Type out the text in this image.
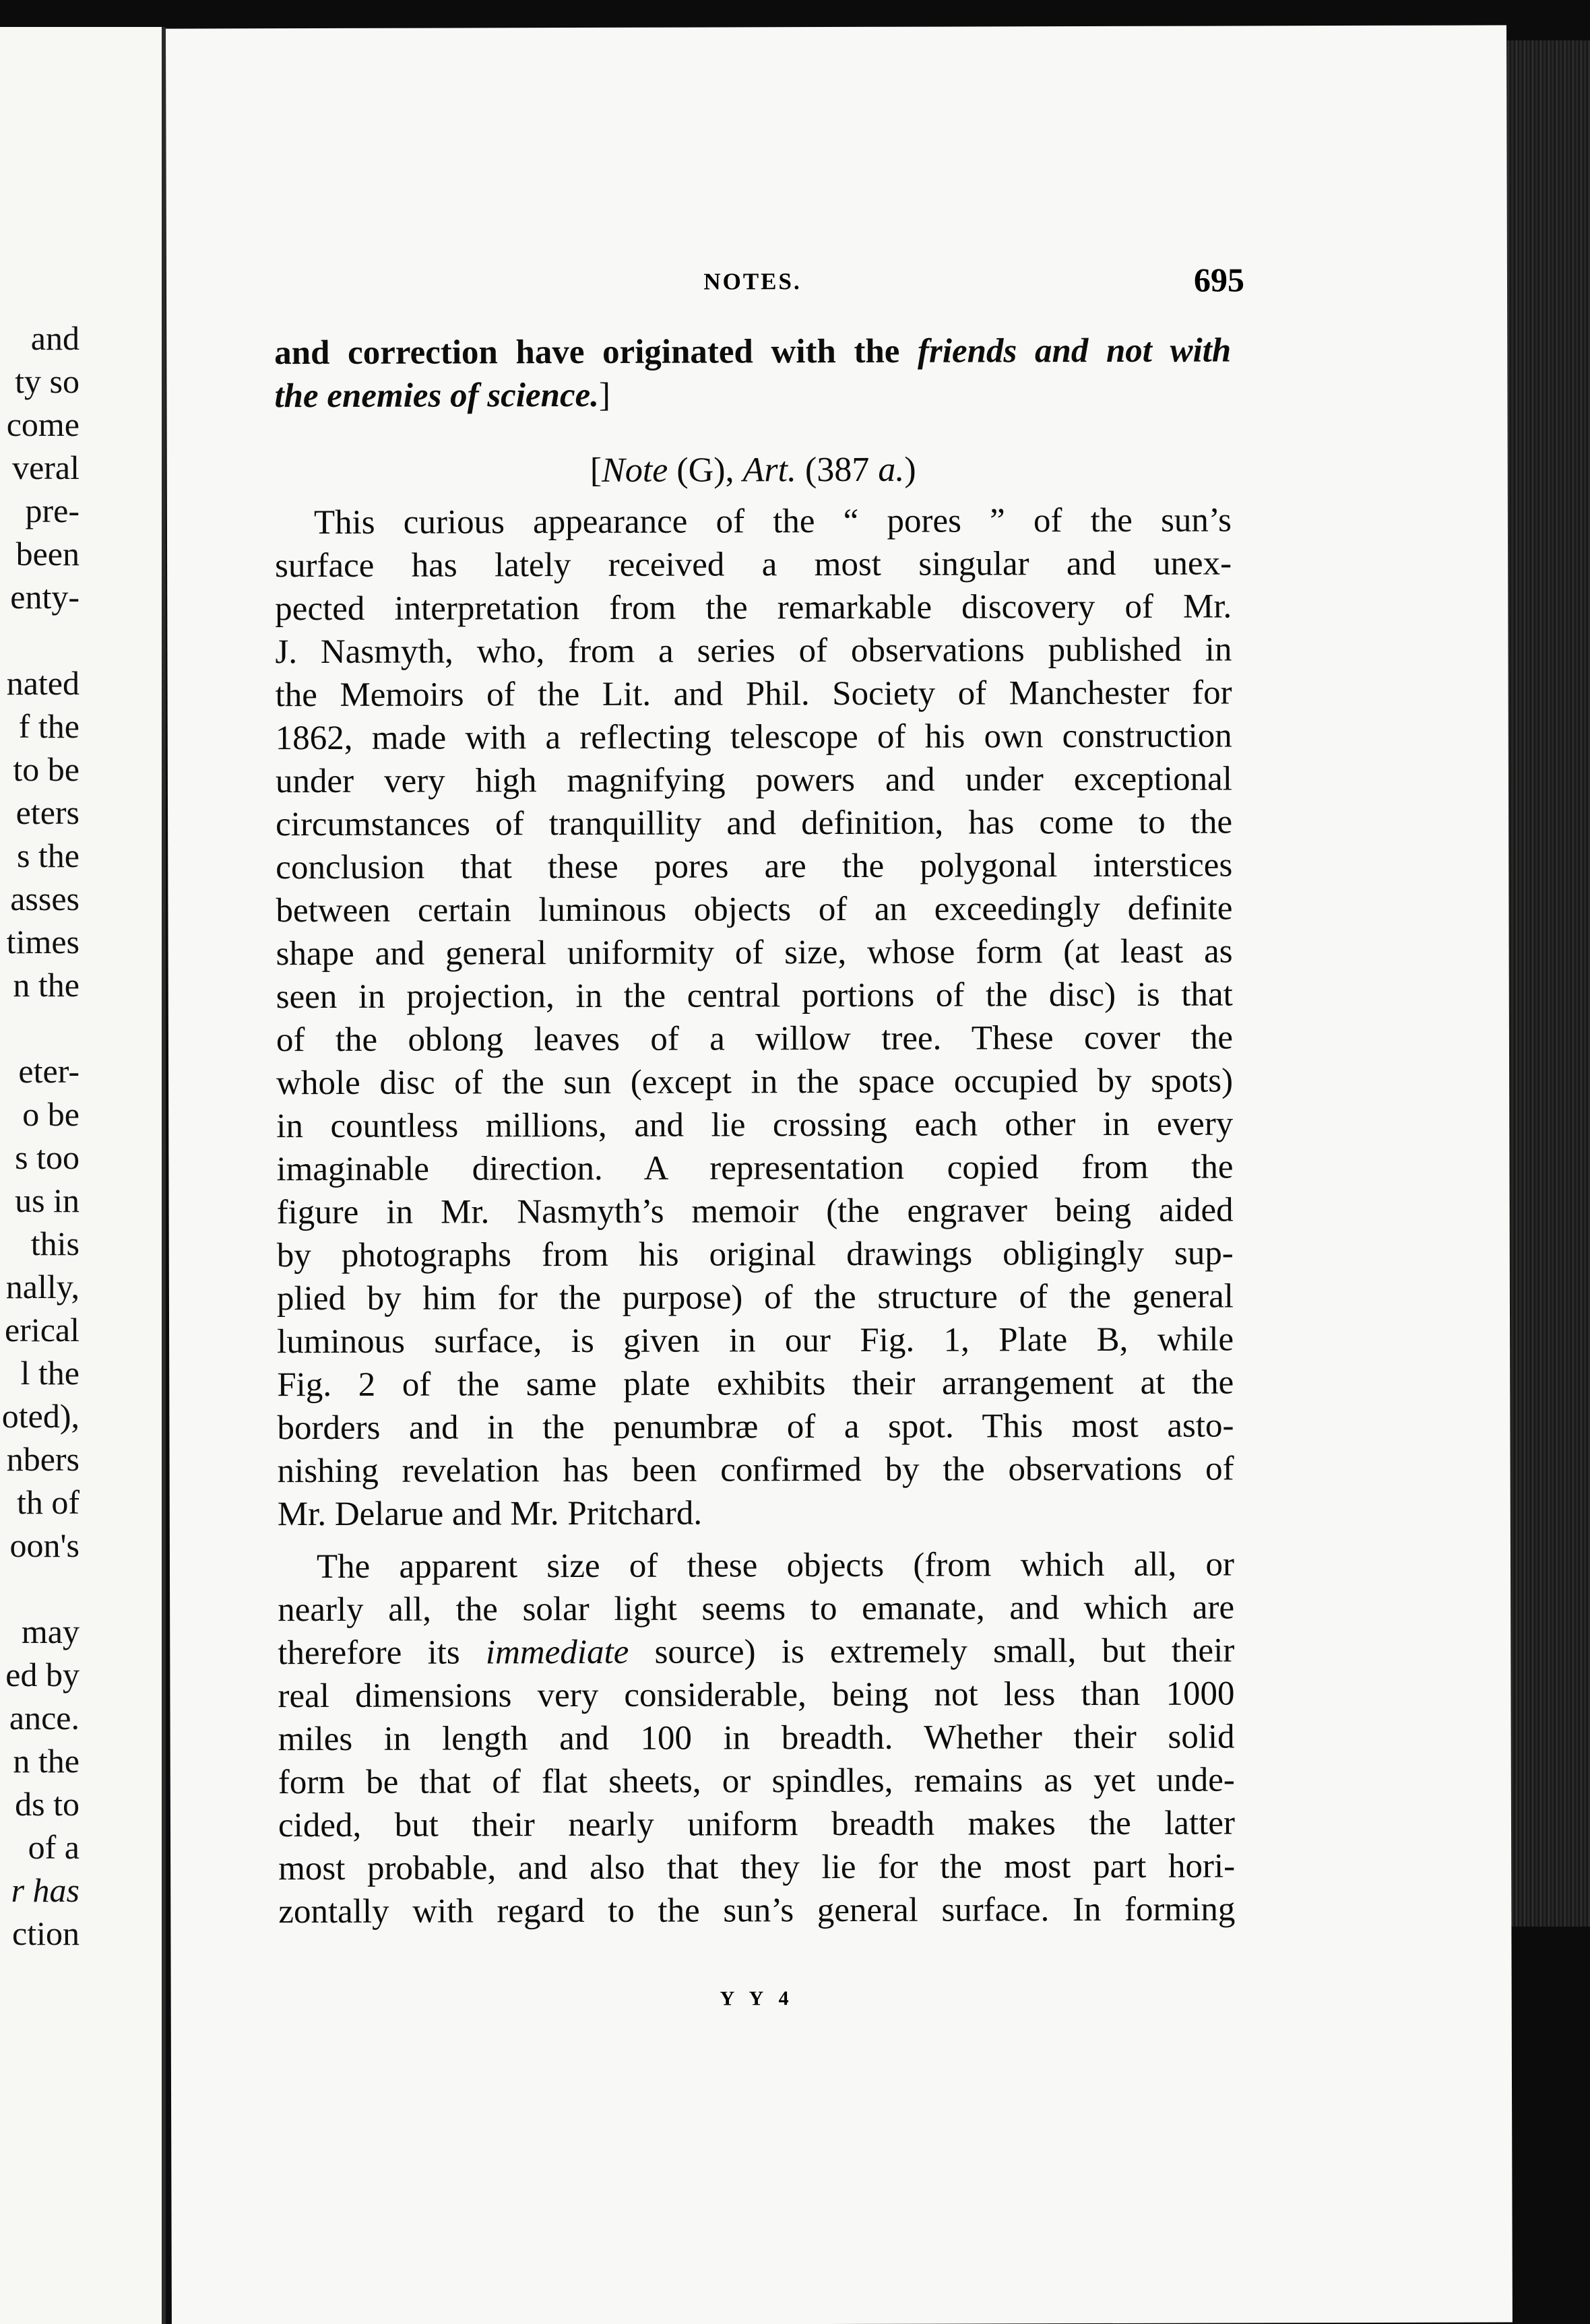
and
ty so
come
veral
pre-
been
enty-
nated
f the
to be
eters
s the
asses
times
n the
eter-
o be
s too
us in
this
nally,
erical
l the
oted),
nbers
th of
oon's
may
ed by
ance.
n the
ds to
of a
r has
ction
NOTES.	695
and correction have originated with the friends and not with
the enemies of science.]
[Note (G), Art. (387 a.)
This curious appearance of the “ pores ” of the sun’s
surface has lately received a most singular and unex-
pected interpretation from the remarkable discovery of Mr.
J. Nasmyth, who, from a series of observations published in
the Memoirs of the Lit. and Phil. Society of Manchester for
1862, made with a reflecting telescope of his own construction
under very high magnifying powers and under exceptional
circumstances of tranquillity and definition, has come to the
conclusion that these pores are the polygonal interstices
between certain luminous objects of an exceedingly definite
shape and general uniformity of size, whose form (at least as
seen in projection, in the central portions of the disc) is that
of the oblong leaves of a willow tree. These cover the
whole disc of the sun (except in the space occupied by spots)
in countless millions, and lie crossing each other in every
imaginable direction. A representation copied from the
figure in Mr. Nasmyth’s memoir (the engraver being aided
by photographs from his original drawings obligingly sup-
plied by him for the purpose) of the structure of the general
luminous surface, is given in our Fig. 1, Plate B, while
Fig. 2 of the same plate exhibits their arrangement at the
borders and in the penumbræ of a spot. This most asto-
nishing revelation has been confirmed by the observations of
Mr. Delarue and Mr. Pritchard.
The apparent size of these objects (from which all, or
nearly all, the solar light seems to emanate, and which are
therefore its immediate source) is extremely small, but their
real dimensions very considerable, being not less than 1000
miles in length and 100 in breadth. Whether their solid
form be that of flat sheets, or spindles, remains as yet unde-
cided, but their nearly uniform breadth makes the latter
most probable, and also that they lie for the most part hori-
zontally with regard to the sun’s general surface. In forming
Y Y 4
